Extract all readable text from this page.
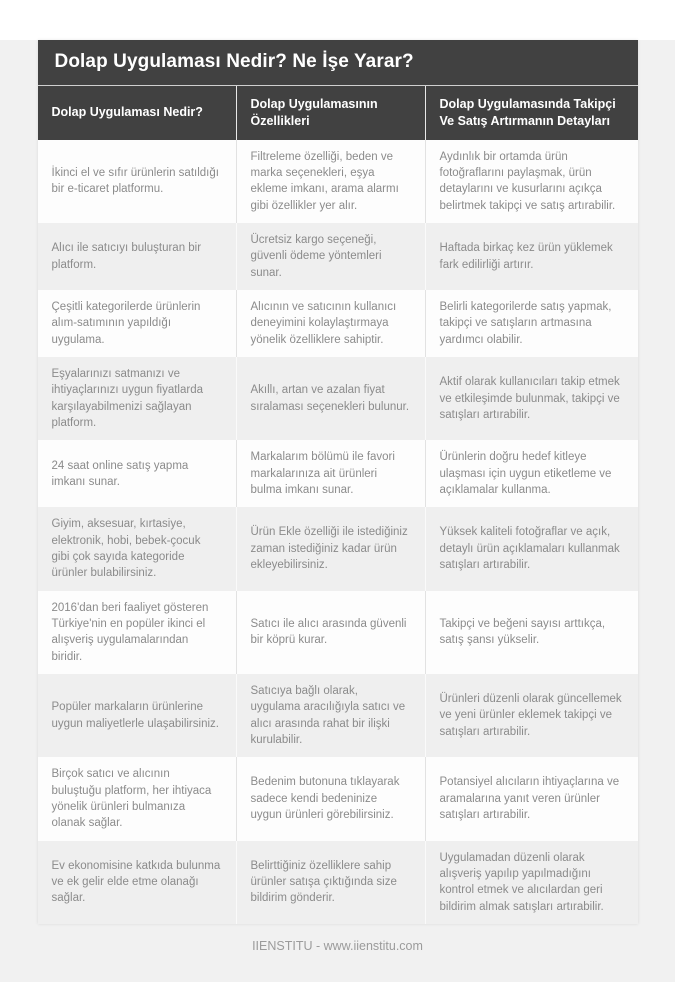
Dolap Uygulaması Nedir? Ne İşe Yarar?
Dolap Uygulaması Nedir?
Dolap Uygulamasının Özellikleri
Dolap Uygulamasında Takipçi Ve Satış Artırmanın Detayları
İkinci el ve sıfır ürünlerin satıldığı bir e-ticaret platformu.
Filtreleme özelliği, beden ve marka seçenekleri, eşya ekleme imkanı, arama alarmı gibi özellikler yer alır.
Aydınlık bir ortamda ürün fotoğraflarını paylaşmak, ürün detaylarını ve kusurlarını açıkça belirtmek takipçi ve satış artırabilir.
Alıcı ile satıcıyı buluşturan bir platform.
Ücretsiz kargo seçeneği, güvenli ödeme yöntemleri sunar.
Haftada birkaç kez ürün yüklemek fark edilirliği artırır.
Çeşitli kategorilerde ürünlerin alım-satımının yapıldığı uygulama.
Alıcının ve satıcının kullanıcı deneyimini kolaylaştırmaya yönelik özelliklere sahiptir.
Belirli kategorilerde satış yapmak, takipçi ve satışların artmasına yardımcı olabilir.
Eşyalarınızı satmanızı ve ihtiyaçlarınızı uygun fiyatlarda karşılayabilmenizi sağlayan platform.
Akıllı, artan ve azalan fiyat sıralaması seçenekleri bulunur.
Aktif olarak kullanıcıları takip etmek ve etkileşimde bulunmak, takipçi ve satışları artırabilir.
24 saat online satış yapma imkanı sunar.
Markalarım bölümü ile favori markalarınıza ait ürünleri bulma imkanı sunar.
Ürünlerin doğru hedef kitleye ulaşması için uygun etiketleme ve açıklamalar kullanma.
Giyim, aksesuar, kırtasiye, elektronik, hobi, bebek-çocuk gibi çok sayıda kategoride ürünler bulabilirsiniz.
Ürün Ekle özelliği ile istediğiniz zaman istediğiniz kadar ürün ekleyebilirsiniz.
Yüksek kaliteli fotoğraflar ve açık, detaylı ürün açıklamaları kullanmak satışları artırabilir.
2016'dan beri faaliyet gösteren Türkiye'nin en popüler ikinci el alışveriş uygulamalarından biridir.
Satıcı ile alıcı arasında güvenli bir köprü kurar.
Takipçi ve beğeni sayısı arttıkça, satış şansı yükselir.
Popüler markaların ürünlerine uygun maliyetlerle ulaşabilirsiniz.
Satıcıya bağlı olarak, uygulama aracılığıyla satıcı ve alıcı arasında rahat bir ilişki kurulabilir.
Ürünleri düzenli olarak güncellemek ve yeni ürünler eklemek takipçi ve satışları artırabilir.
Birçok satıcı ve alıcının buluştuğu platform, her ihtiyaca yönelik ürünleri bulmanıza olanak sağlar.
Bedenim butonuna tıklayarak sadece kendi bedeninize uygun ürünleri görebilirsiniz.
Potansiyel alıcıların ihtiyaçlarına ve aramalarına yanıt veren ürünler satışları artırabilir.
Ev ekonomisine katkıda bulunma ve ek gelir elde etme olanağı sağlar.
Belirttiğiniz özelliklere sahip ürünler satışa çıktığında size bildirim gönderir.
Uygulamadan düzenli olarak alışveriş yapılıp yapılmadığını kontrol etmek ve alıcılardan geri bildirim almak satışları artırabilir.
IIENSTITU - www.iienstitu.com
